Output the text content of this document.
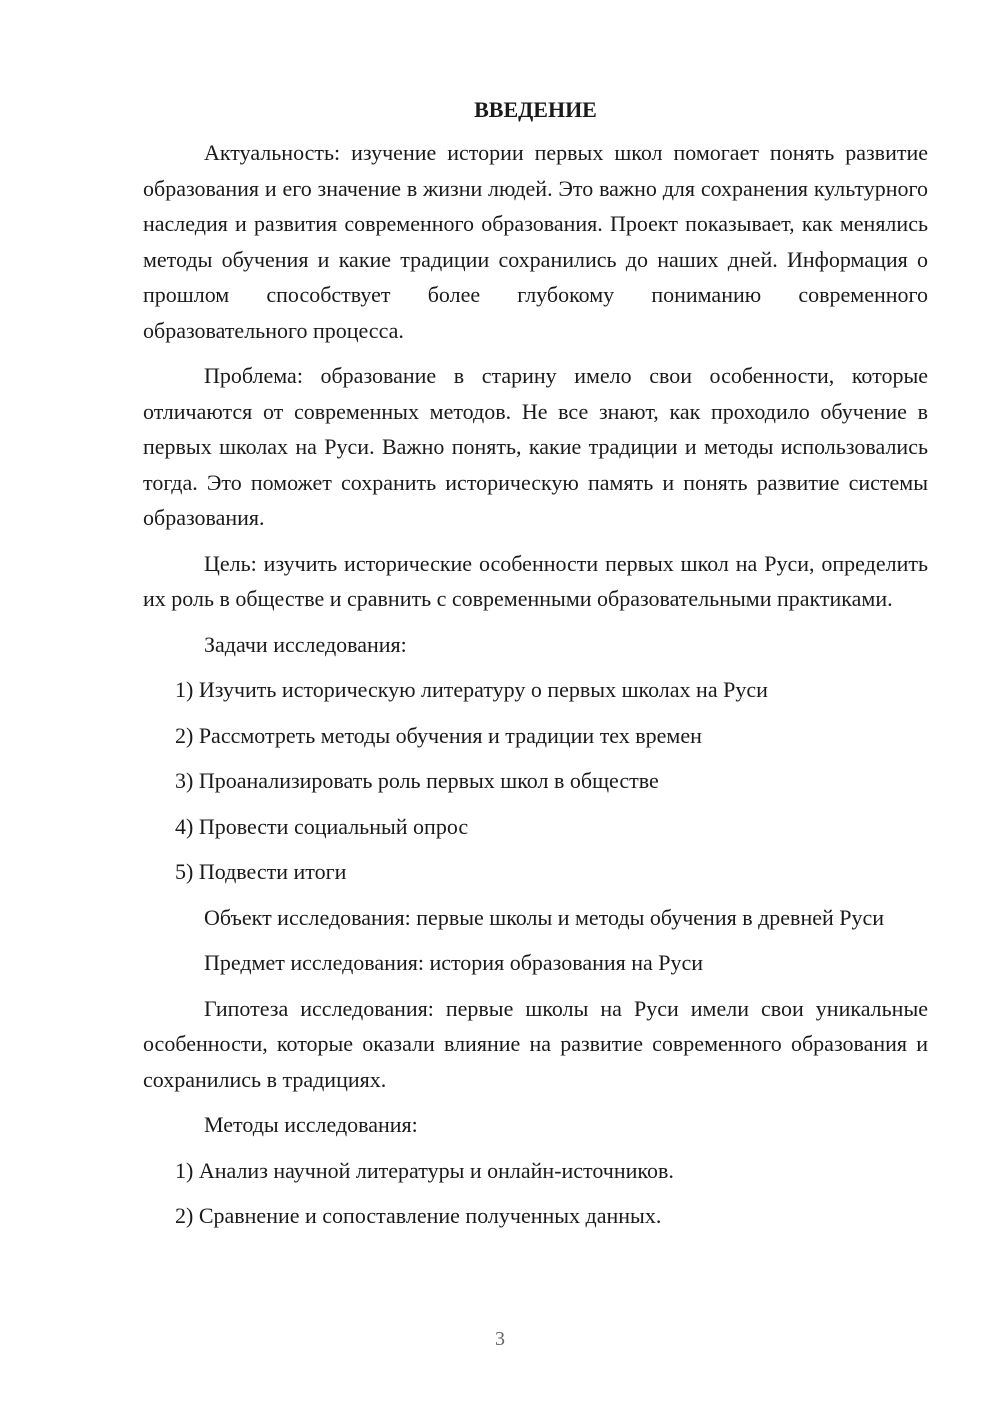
ВВЕДЕНИЕ

Актуальность: изучение истории первых школ помогает понять развитие образования и его значение в жизни людей. Это важно для сохранения культурного наследия и развития современного образования. Проект показывает, как менялись методы обучения и какие традиции сохранились до наших дней. Информация о прошлом способствует более глубокому пониманию современного образовательного процесса.

Проблема: образование в старину имело свои особенности, которые отличаются от современных методов. Не все знают, как проходило обучение в первых школах на Руси. Важно понять, какие традиции и методы использовались тогда. Это поможет сохранить историческую память и понять развитие системы образования.

Цель: изучить исторические особенности первых школ на Руси, определить их роль в обществе и сравнить с современными образовательными практиками.

Задачи исследования:

1) Изучить историческую литературу о первых школах на Руси
2) Рассмотреть методы обучения и традиции тех времен
3) Проанализировать роль первых школ в обществе
4) Провести социальный опрос
5) Подвести итоги

Объект исследования: первые школы и методы обучения в древней Руси

Предмет исследования: история образования на Руси

Гипотеза исследования: первые школы на Руси имели свои уникальные особенности, которые оказали влияние на развитие современного образования и сохранились в традициях.

Методы исследования:

1) Анализ научной литературы и онлайн-источников.
2) Сравнение и сопоставление полученных данных.
3
